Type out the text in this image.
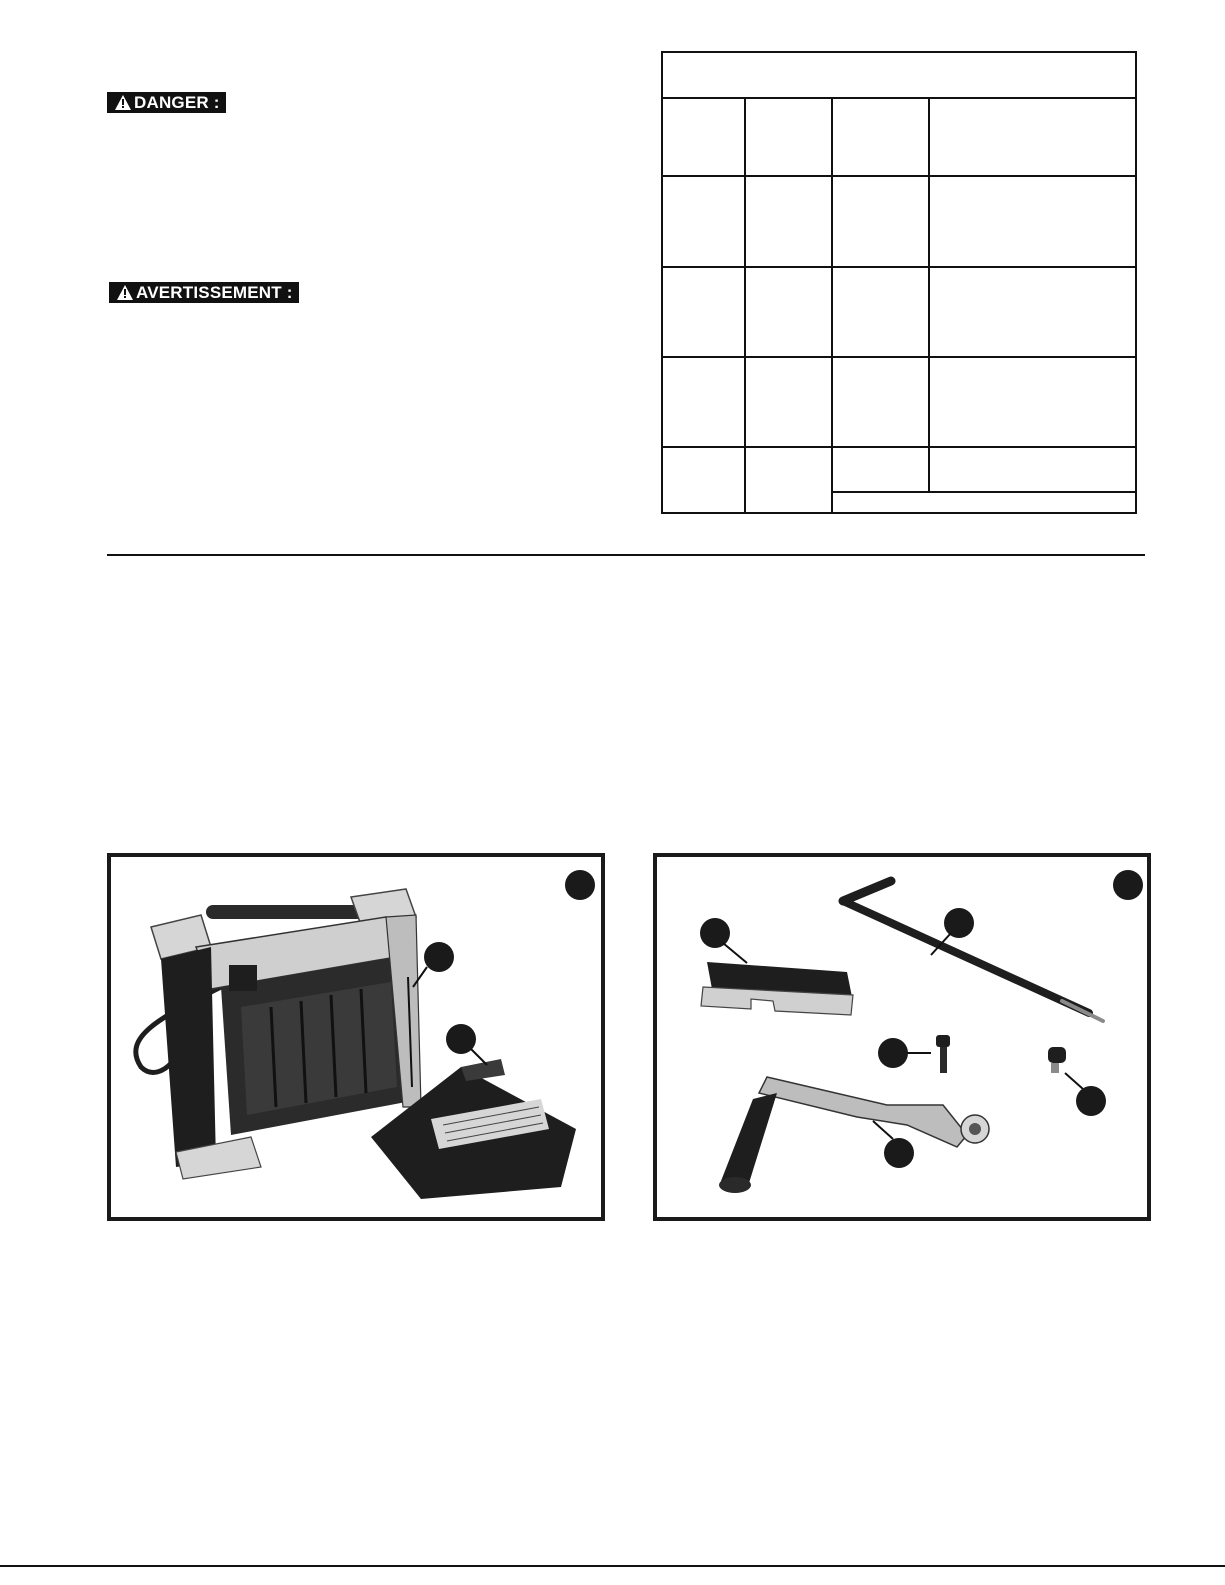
DANGER :
AVERTISSEMENT :
